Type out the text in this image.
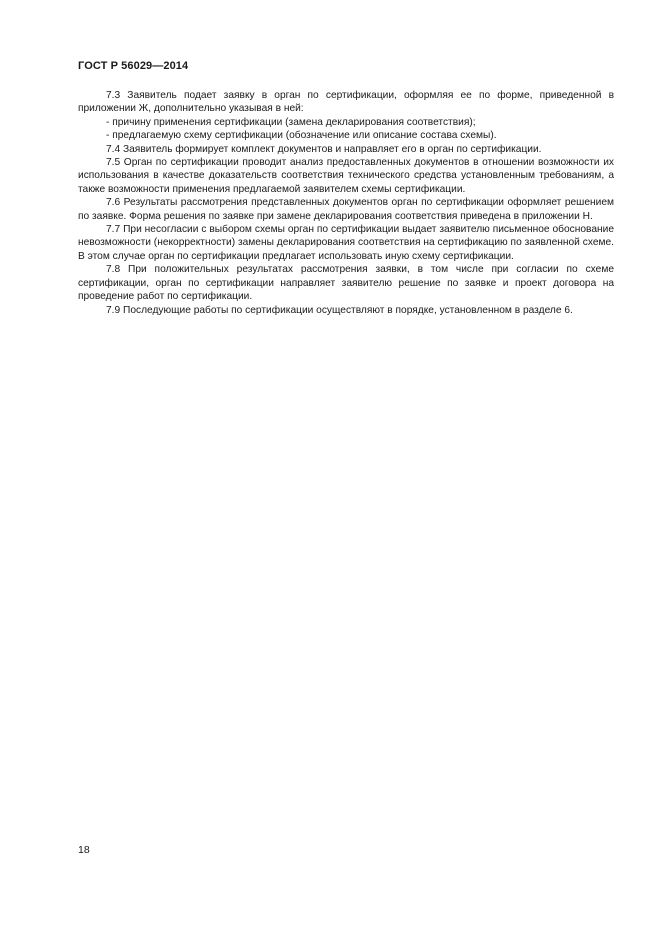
ГОСТ Р 56029—2014

7.3 Заявитель подает заявку в орган по сертификации, оформляя ее по форме, приведенной в приложении Ж, дополнительно указывая в ней:

- причину применения сертификации (замена декларирования соответствия);

- предлагаемую схему сертификации (обозначение или описание состава схемы).

7.4 Заявитель формирует комплект документов и направляет его в орган по сертификации.

7.5 Орган по сертификации проводит анализ предоставленных документов в отношении возможности их использования в качестве доказательств соответствия технического средства установленным требованиям, а также возможности применения предлагаемой заявителем схемы сертификации.

7.6 Результаты рассмотрения представленных документов орган по сертификации оформляет решением по заявке. Форма решения по заявке при замене декларирования соответствия приведена в приложении Н.

7.7 При несогласии с выбором схемы орган по сертификации выдает заявителю письменное обоснование невозможности (некорректности) замены декларирования соответствия на сертификацию по заявленной схеме. В этом случае орган по сертификации предлагает использовать иную схему сертификации.

7.8 При положительных результатах рассмотрения заявки, в том числе при согласии по схеме сертификации, орган по сертификации направляет заявителю решение по заявке и проект договора на проведение работ по сертификации.

7.9 Последующие работы по сертификации осуществляют в порядке, установленном в разделе 6.

18
